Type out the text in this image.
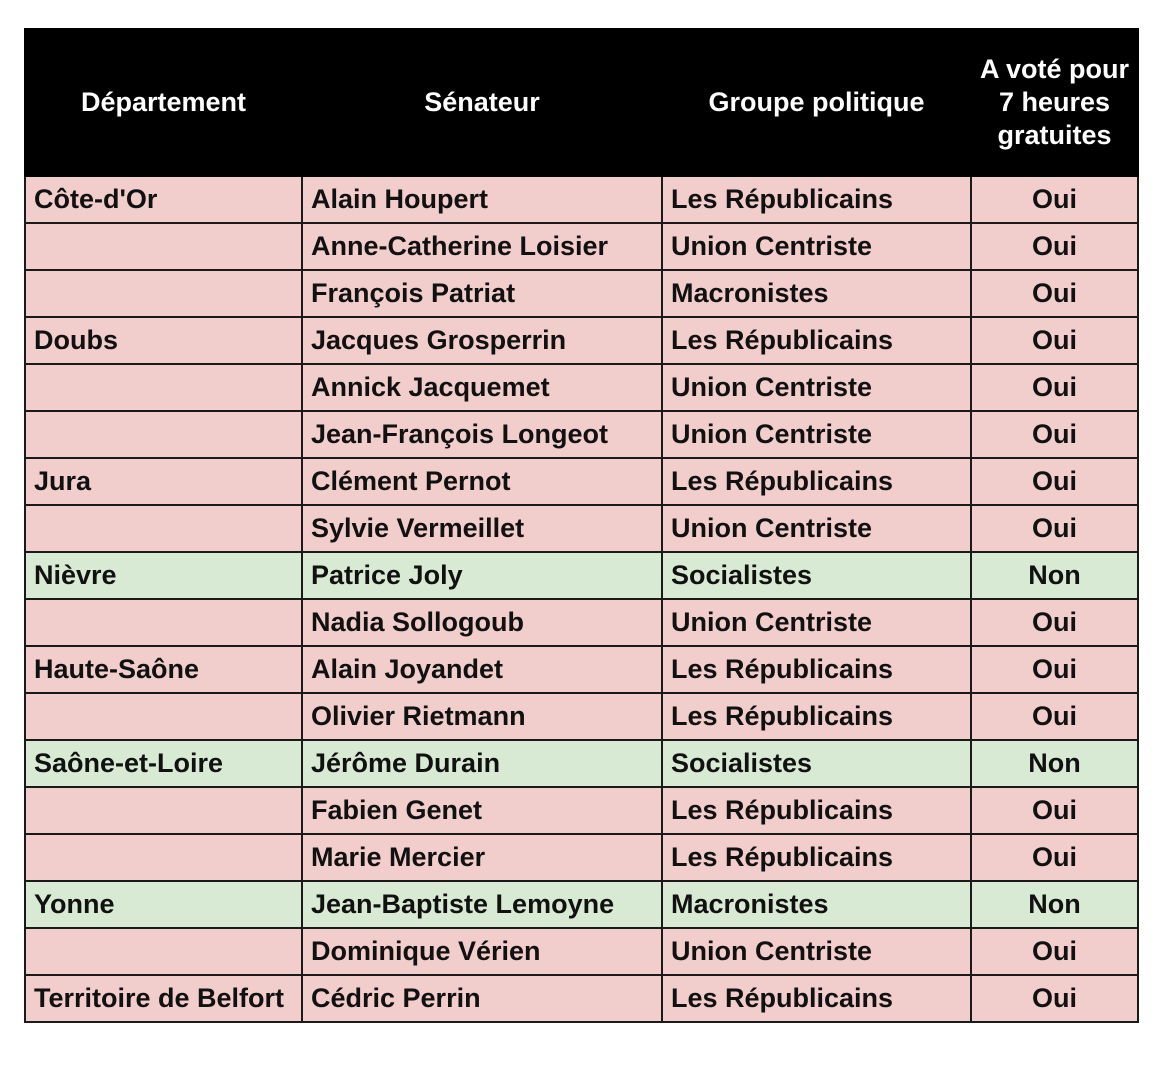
Département	Sénateur	Groupe politique	A voté pour 7 heures gratuites
Côte-d'Or	Alain Houpert	Les Républicains	Oui
	Anne-Catherine Loisier	Union Centriste	Oui
	François Patriat	Macronistes	Oui
Doubs	Jacques Grosperrin	Les Républicains	Oui
	Annick Jacquemet	Union Centriste	Oui
	Jean-François Longeot	Union Centriste	Oui
Jura	Clément Pernot	Les Républicains	Oui
	Sylvie Vermeillet	Union Centriste	Oui
Nièvre	Patrice Joly	Socialistes	Non
	Nadia Sollogoub	Union Centriste	Oui
Haute-Saône	Alain Joyandet	Les Républicains	Oui
	Olivier Rietmann	Les Républicains	Oui
Saône-et-Loire	Jérôme Durain	Socialistes	Non
	Fabien Genet	Les Républicains	Oui
	Marie Mercier	Les Républicains	Oui
Yonne	Jean-Baptiste Lemoyne	Macronistes	Non
	Dominique Vérien	Union Centriste	Oui
Territoire de Belfort	Cédric Perrin	Les Républicains	Oui
